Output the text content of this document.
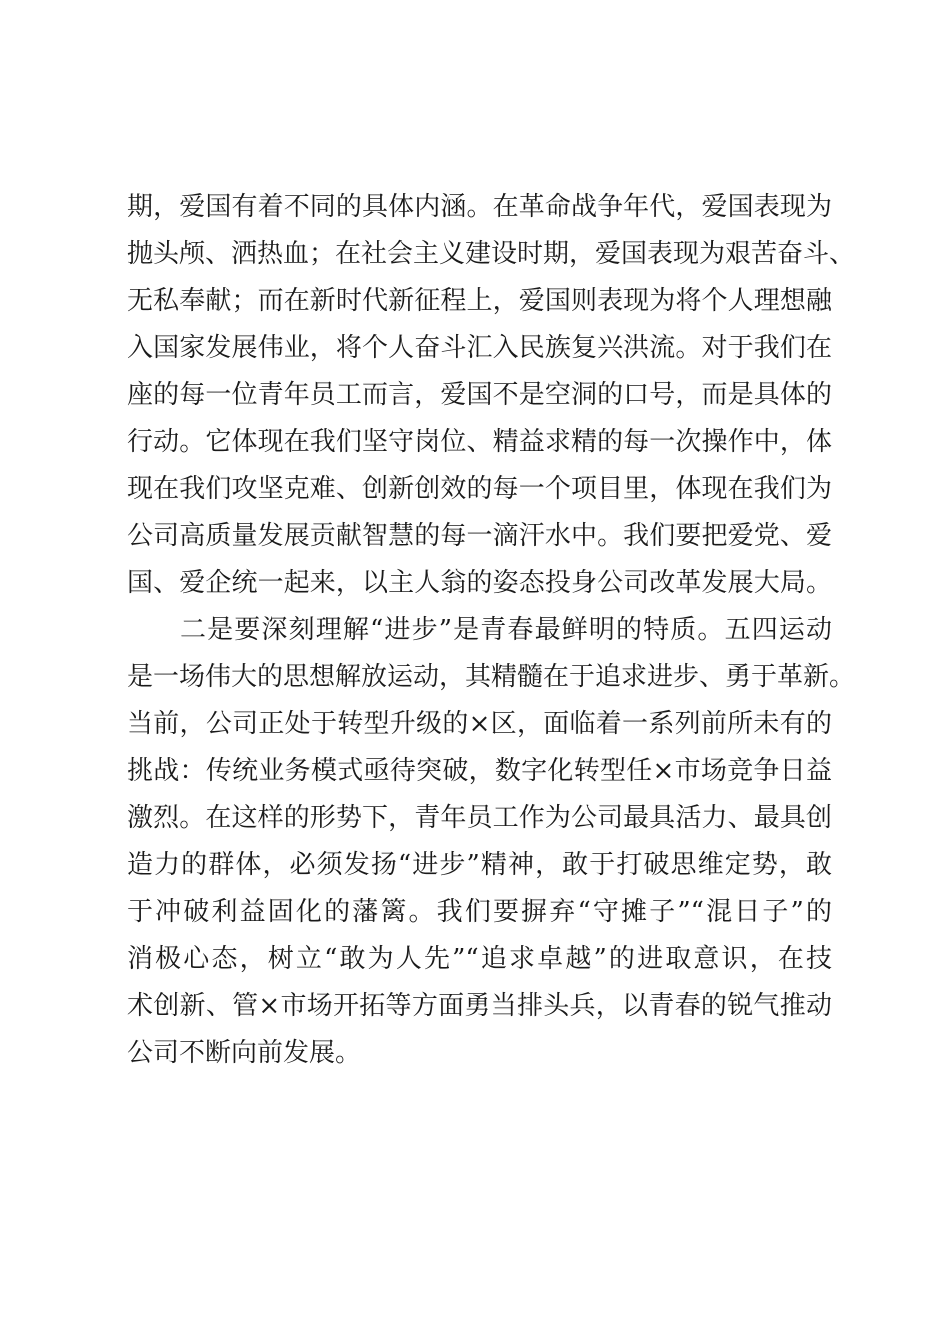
期，爱国有着不同的具体内涵。在革命战争年代，爱国表现为
抛头颅、洒热血；在社会主义建设时期，爱国表现为艰苦奋斗、
无私奉献；而在新时代新征程上，爱国则表现为将个人理想融
入国家发展伟业，将个人奋斗汇入民族复兴洪流。对于我们在
座的每一位青年员工而言，爱国不是空洞的口号，而是具体的
行动。它体现在我们坚守岗位、精益求精的每一次操作中，体
现在我们攻坚克难、创新创效的每一个项目里，体现在我们为
公司高质量发展贡献智慧的每一滴汗水中。我们要把爱党、爱
国、爱企统一起来，以主人翁的姿态投身公司改革发展大局。
二是要深刻理解“进步”是青春最鲜明的特质。五四运动
是一场伟大的思想解放运动，其精髓在于追求进步、勇于革新。
当前，公司正处于转型升级的×区，面临着一系列前所未有的
挑战：传统业务模式亟待突破，数字化转型任×市场竞争日益
激烈。在这样的形势下，青年员工作为公司最具活力、最具创
造力的群体，必须发扬“进步”精神，敢于打破思维定势，敢
于冲破利益固化的藩篱。我们要摒弃“守摊子”“混日子”的
消极心态，树立“敢为人先”“追求卓越”的进取意识，在技
术创新、管×市场开拓等方面勇当排头兵，以青春的锐气推动
公司不断向前发展。
